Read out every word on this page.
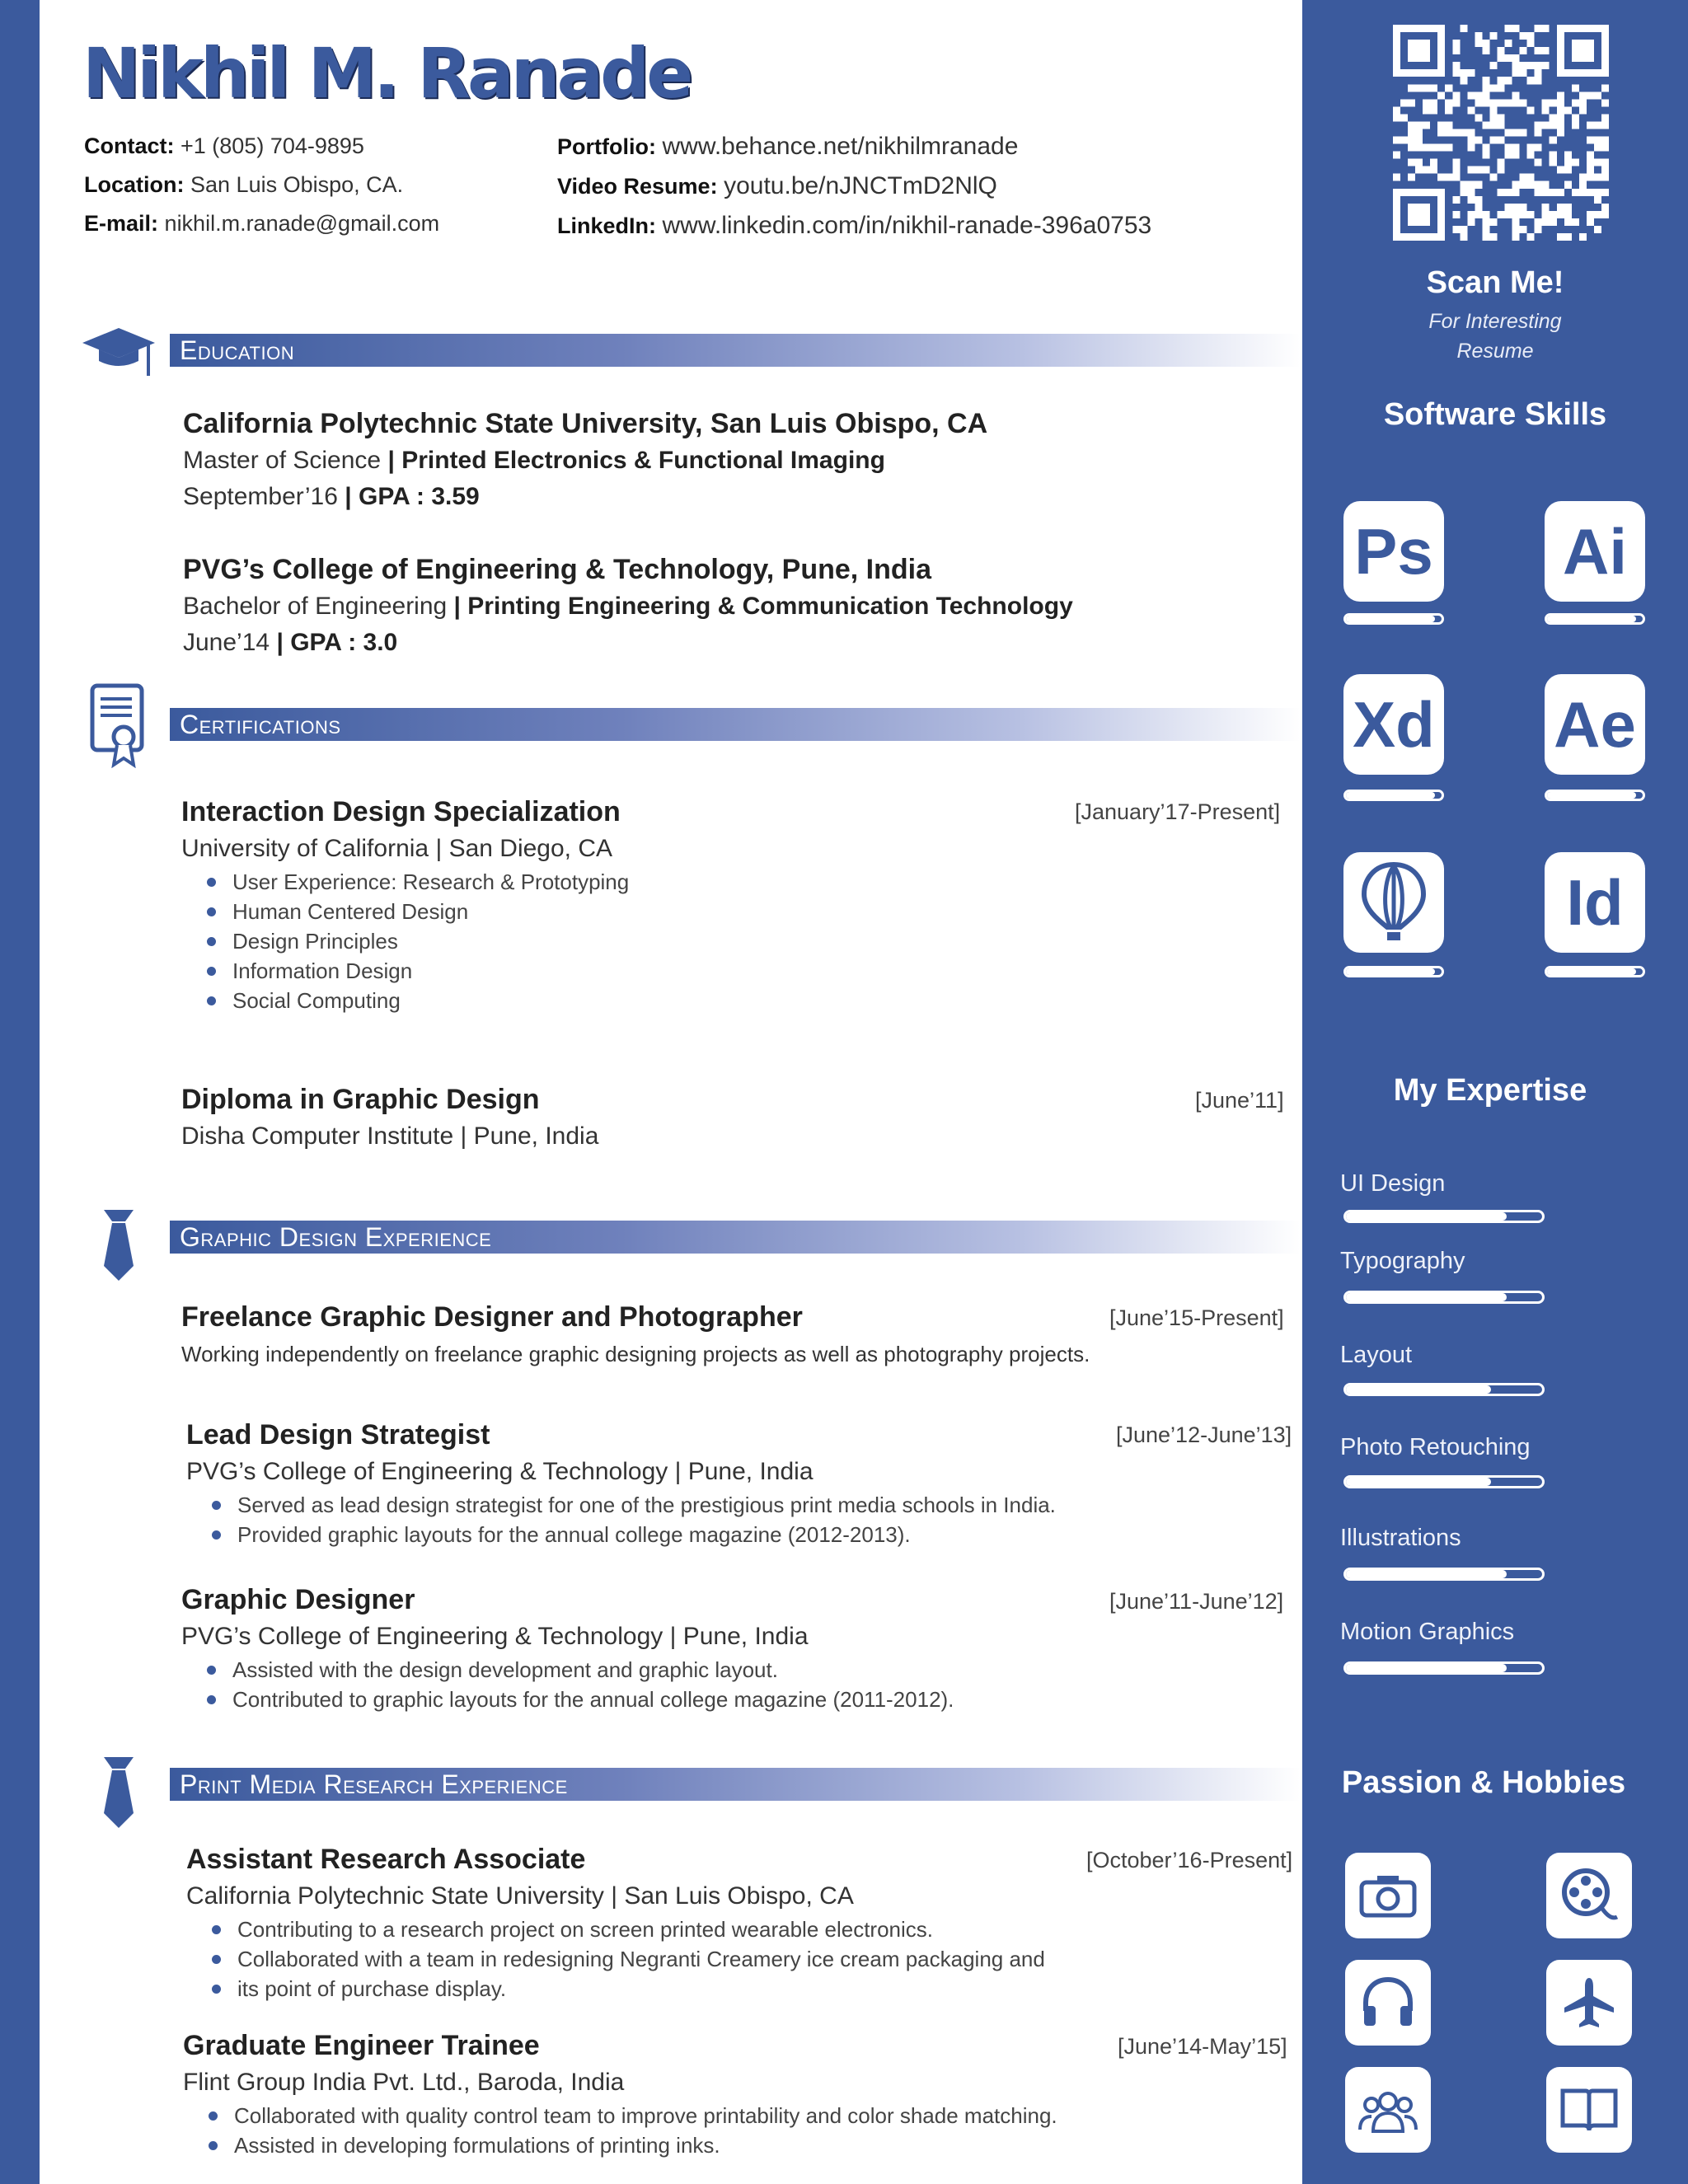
Nikhil M. Ranade
Contact: +1 (805) 704-9895
Location: San Luis Obispo, CA.
E-mail: nikhil.m.ranade@gmail.com
Portfolio: www.behance.net/nikhilmranade
Video Resume: youtu.be/nJNCTmD2NlQ
LinkedIn: www.linkedin.com/in/nikhil-ranade-396a0753
Education
California Polytechnic State University, San Luis Obispo, CA
Master of Science | Printed Electronics & Functional Imaging
September’16 | GPA : 3.59
PVG’s College of Engineering & Technology, Pune, India
Bachelor of Engineering | Printing Engineering & Communication Technology
June’14 | GPA : 3.0
Certifications
Interaction Design Specialization
University of California | San Diego, CA
User Experience: Research & Prototyping
Human Centered Design
Design Principles
Information Design
Social Computing
[January’17-Present]
Diploma in Graphic Design
Disha Computer Institute | Pune, India
[June’11]
Graphic Design Experience
Freelance Graphic Designer and Photographer
Working independently on freelance graphic designing projects as well as photography projects.
[June’15-Present]
Lead Design Strategist
PVG’s College of Engineering & Technology | Pune, India
Served as lead design strategist for one of the prestigious print media schools in India.
Provided graphic layouts for the annual college magazine (2012-2013).
[June’12-June’13]
Graphic Designer
PVG’s College of Engineering & Technology | Pune, India
Assisted with the design development and graphic layout.
Contributed to graphic layouts for the annual college magazine (2011-2012).
[June’11-June’12]
Print Media Research Experience
Assistant Research Associate
California Polytechnic State University | San Luis Obispo, CA
Contributing to a research project on screen printed wearable electronics.
Collaborated with a team in redesigning Negranti Creamery ice cream packaging and
its point of purchase display.
[October’16-Present]
Graduate Engineer Trainee
Flint Group India Pvt. Ltd., Baroda, India
Collaborated with quality control team to improve printability and color shade matching.
Assisted in developing formulations of printing inks.
[June’14-May’15]
Scan Me!
For Interesting
Resume
Software Skills
Ps Ai
Xd Ae
Id
My Expertise
UI Design
Typography
Layout
Photo Retouching
Illustrations
Motion Graphics
Passion & Hobbies
